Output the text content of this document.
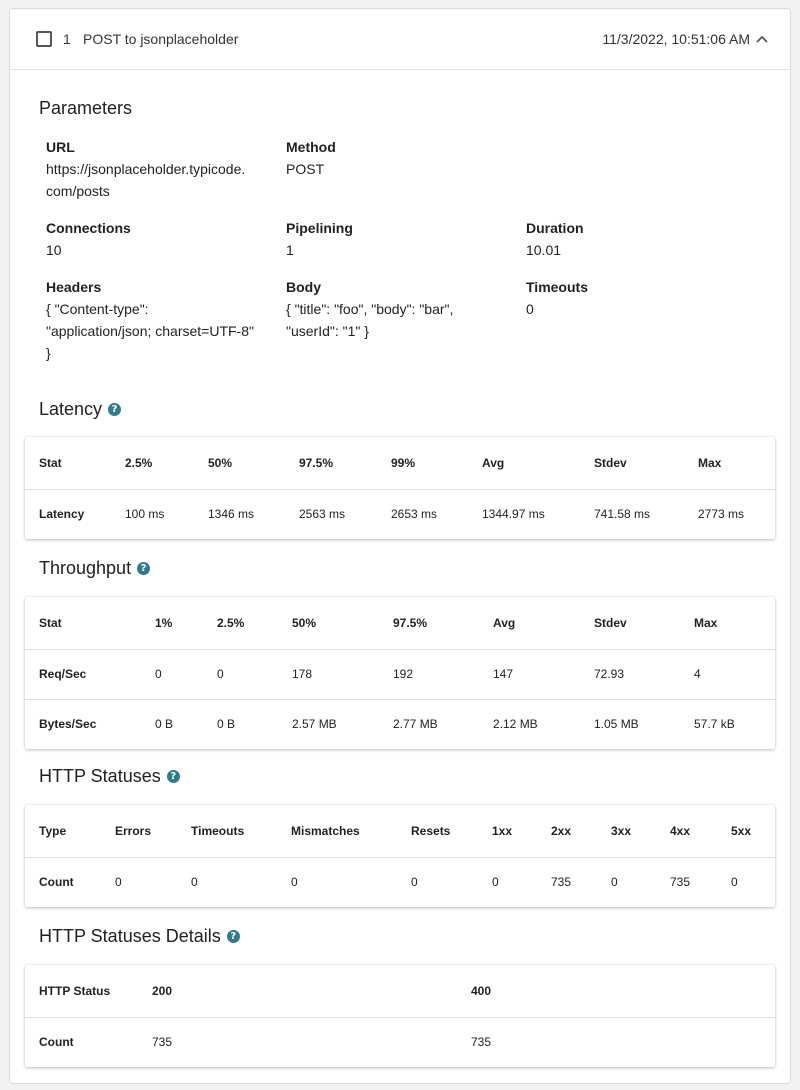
1 POST to jsonplaceholder	11/3/2022, 10:51:06 AM
Parameters
URL
https://jsonplaceholder.typicode.
com/posts
Method
POST
Connections
10
Pipelining
1
Duration
10.01
Headers
{ "Content-type":
"application/json; charset=UTF-8"
}
Body
{ "title": "foo", "body": "bar",
"userId": "1" }
Timeouts
0
Latency ?
Stat	2.5%	50%	97.5%	99%	Avg	Stdev	Max
Latency	100 ms	1346 ms	2563 ms	2653 ms	1344.97 ms	741.58 ms	2773 ms
Throughput ?
Stat	1%	2.5%	50%	97.5%	Avg	Stdev	Max
Req/Sec	0	0	178	192	147	72.93	4
Bytes/Sec	0 B	0 B	2.57 MB	2.77 MB	2.12 MB	1.05 MB	57.7 kB
HTTP Statuses ?
Type	Errors	Timeouts	Mismatches	Resets	1xx	2xx	3xx	4xx	5xx
Count	0	0	0	0	0	735	0	735	0
HTTP Statuses Details ?
HTTP Status	200	400
Count	735	735
